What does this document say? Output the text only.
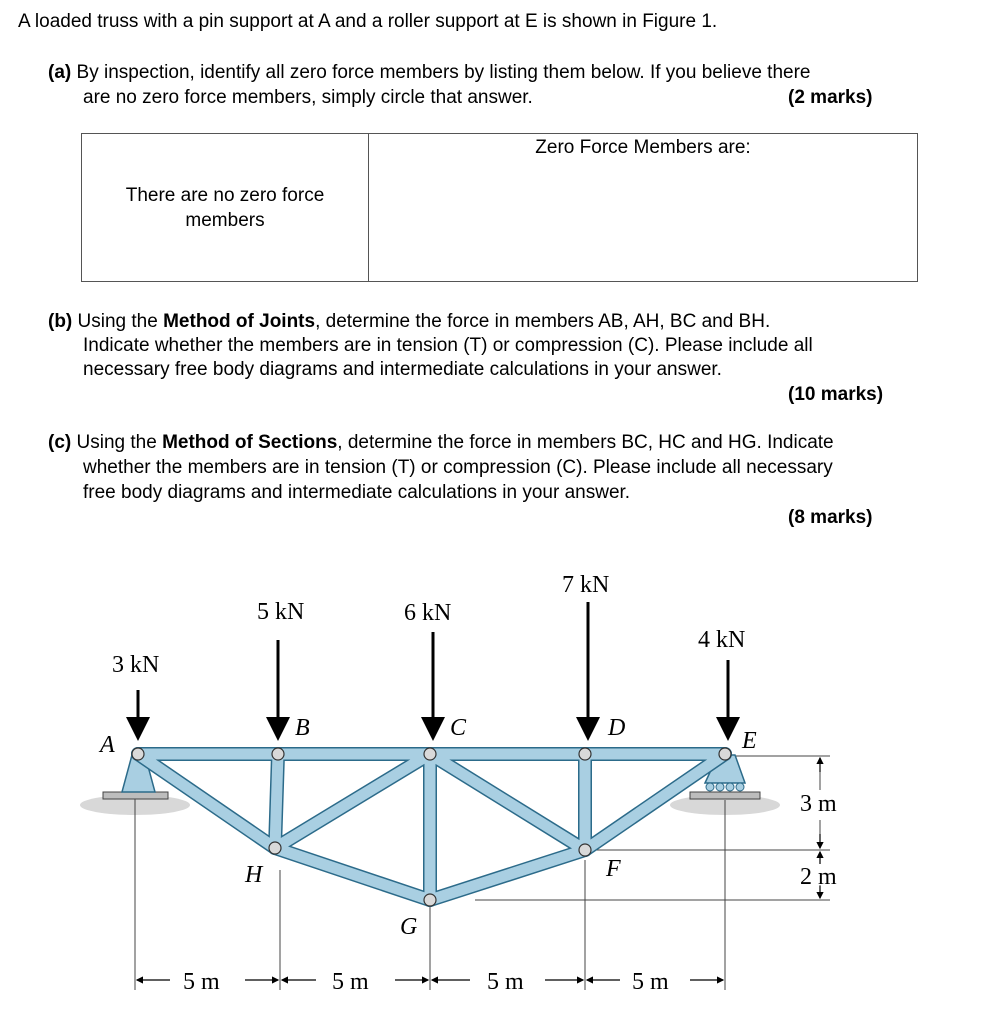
A loaded truss with a pin support at A and a roller support at E is shown in Figure 1.
(a) By inspection, identify all zero force members by listing them below. If you believe there
are no zero force members, simply circle that answer.	(2 marks)
There are no zero force members	
Zero Force Members are:
(b) Using the Method of Joints, determine the force in members AB, AH, BC and BH.
Indicate whether the members are in tension (T) or compression (C). Please include all
necessary free body diagrams and intermediate calculations in your answer.
(10 marks)
(c) Using the Method of Sections, determine the force in members BC, HC and HG. Indicate
whether the members are in tension (T) or compression (C). Please include all necessary
free body diagrams and intermediate calculations in your answer.
(8 marks)
3 kN
5 kN	6 kN
7 kN
4 kN
A
B	C	D	E
H
G
F
5 m	5 m	5 m	5 m
3 m
2 m
